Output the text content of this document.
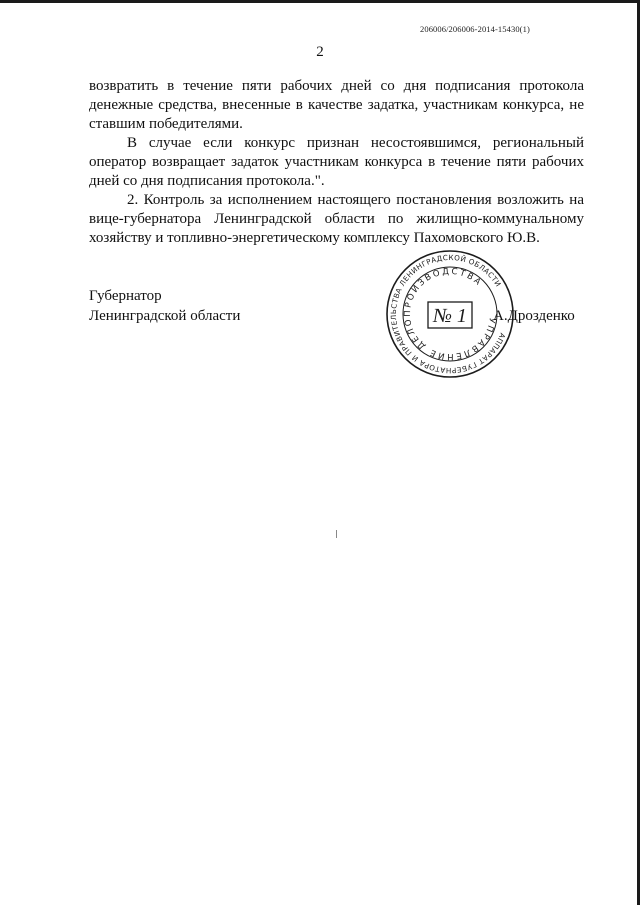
206006/206006-2014-15430(1)
2

возвратить в течение пяти рабочих дней со дня подписания протокола денежные средства, внесенные в качестве задатка, участникам конкурса, не ставшим победителями.

В случае если конкурс признан несостоявшимся, региональный оператор возвращает задаток участникам конкурса в течение пяти рабочих дней со дня подписания протокола.".

2. Контроль за исполнением настоящего постановления возложить на вице-губернатора Ленинградской области по жилищно-коммунальному хозяйству и топливно-энергетическому комплексу Пахомовского Ю.В.

Губернатор
Ленинградской области
АППАРАТ ГУБЕРНАТОРА И ПРАВИТЕЛЬСТВА ЛЕНИНГРАДСКОЙ ОБЛАСТИ
УПРАВЛЕНИЕ ДЕЛОПРОИЗВОДСТВА
№ 1 А.Дрозденко
